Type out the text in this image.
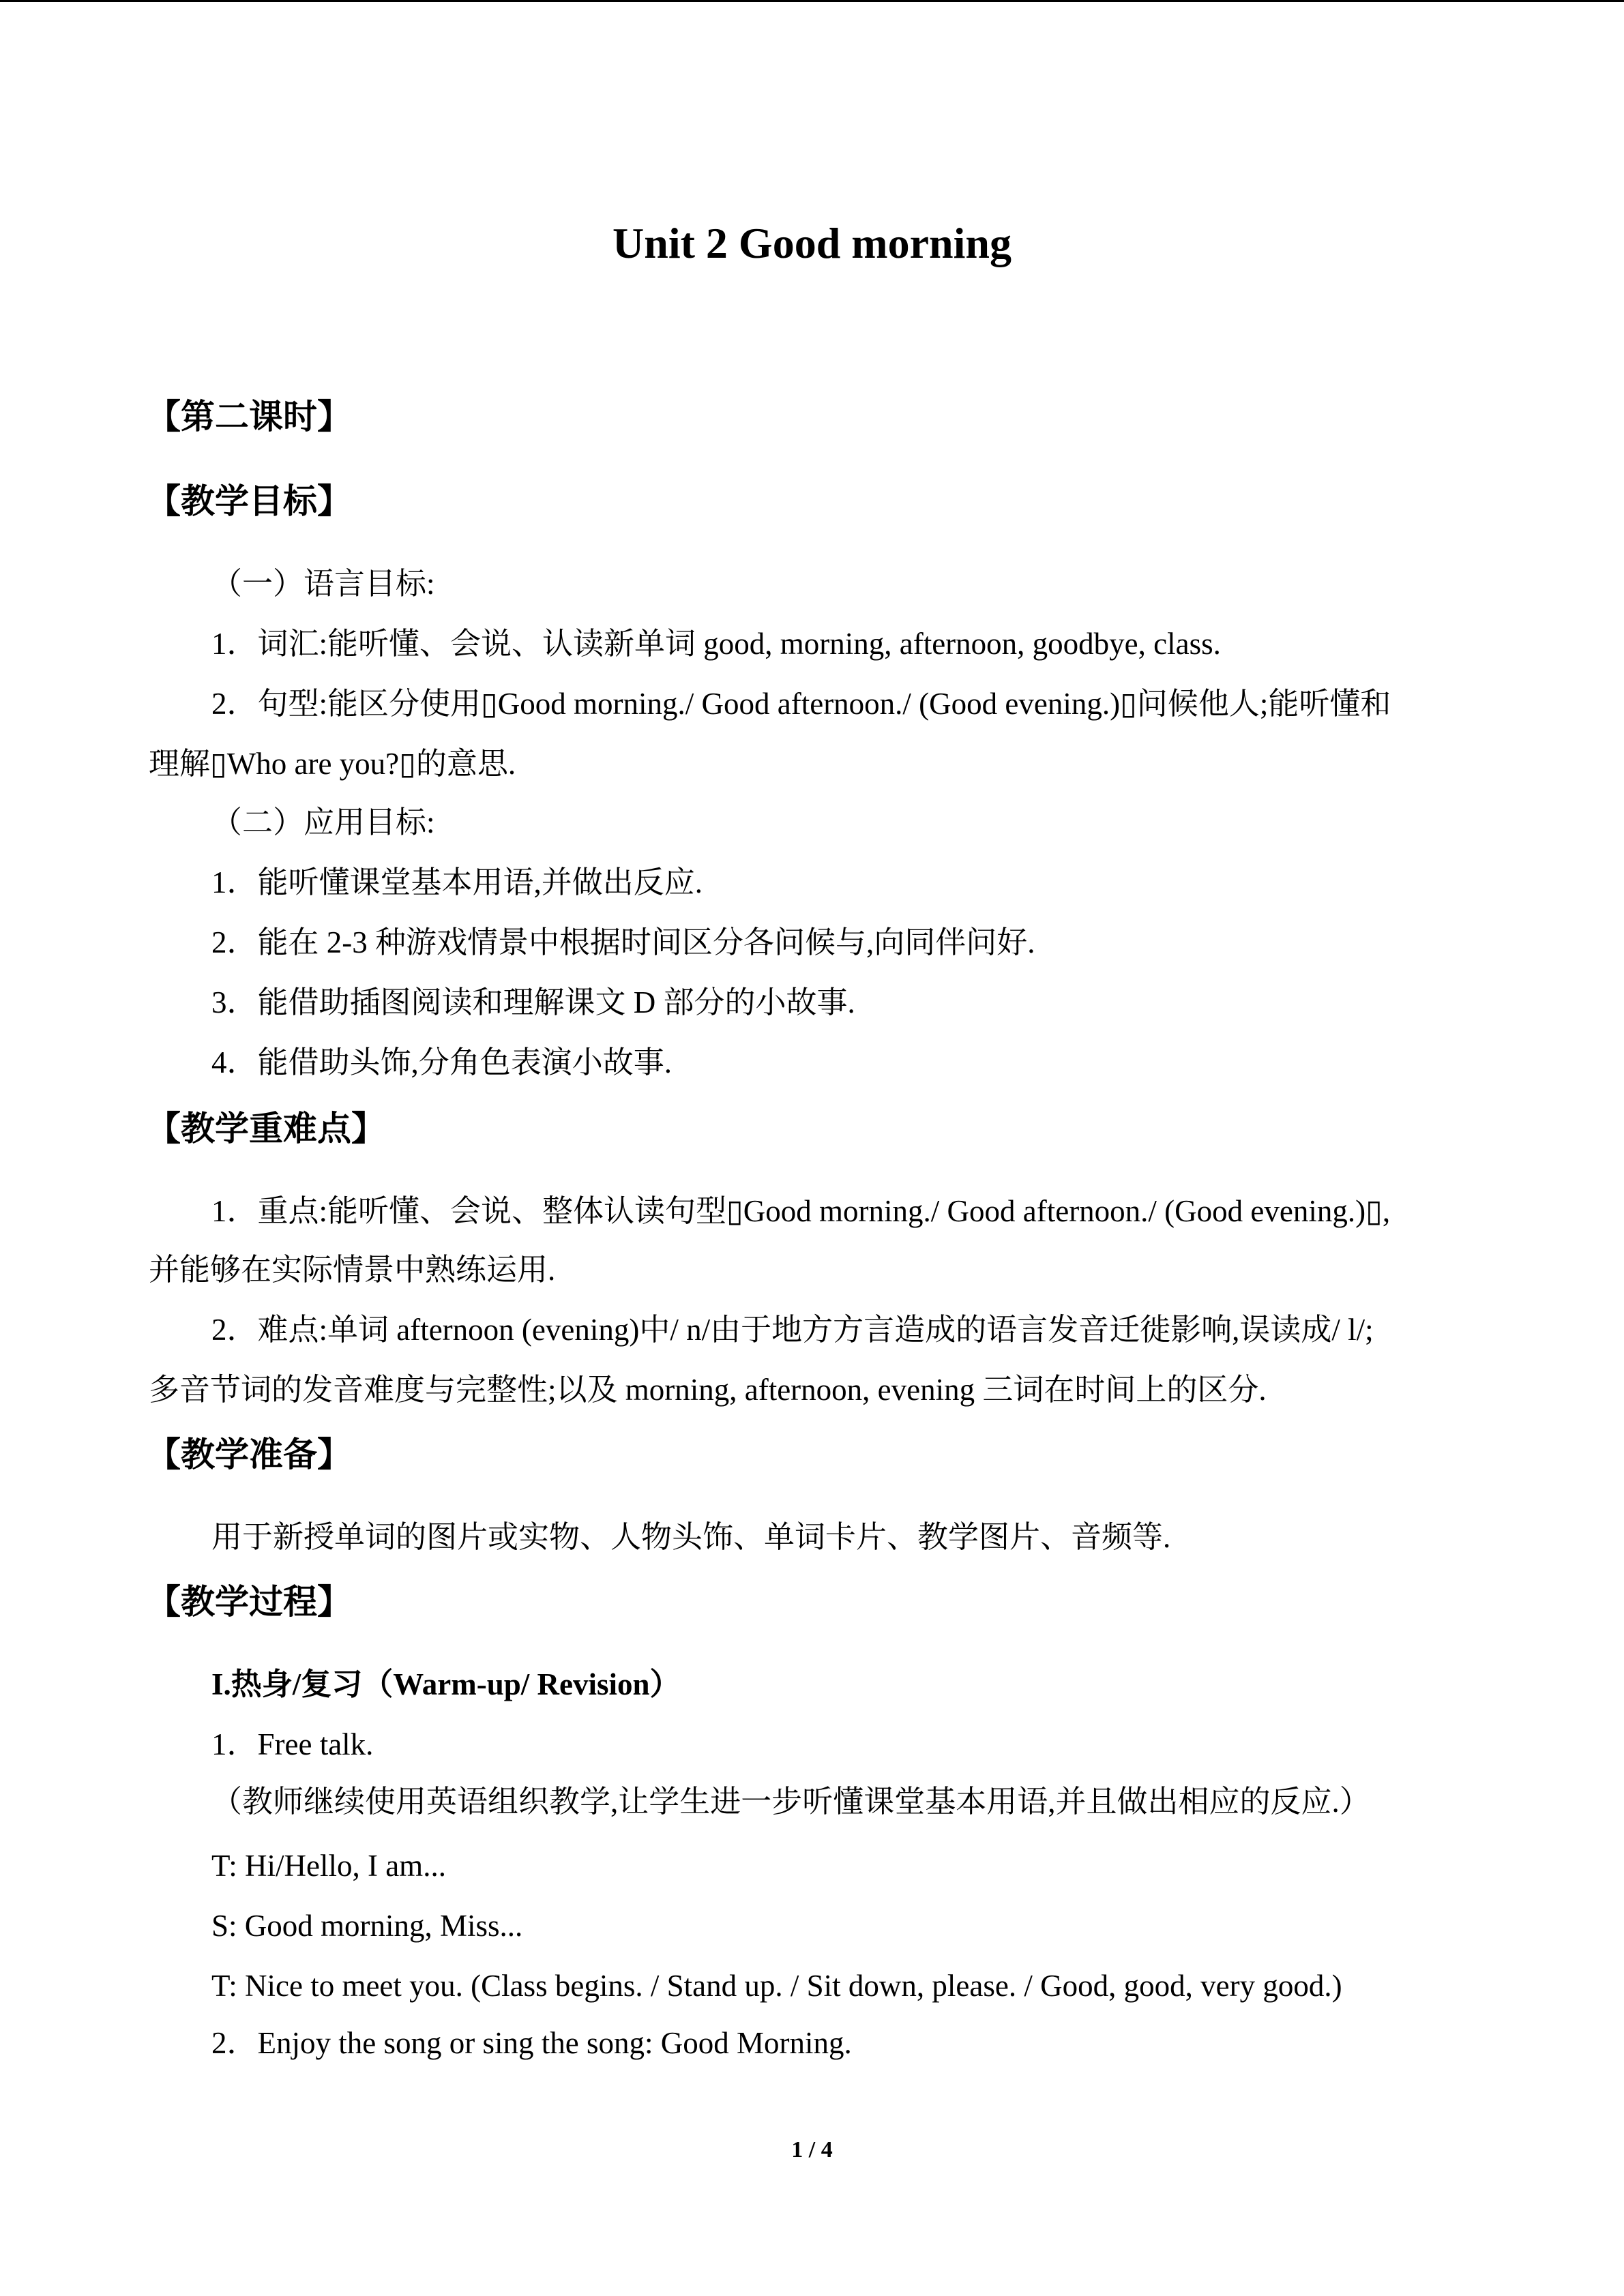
Unit 2 Good morning
【第二课时】
【教学目标】
（一）语言目标:
1．词汇:能听懂、会说、认读新单词 good, morning, afternoon, goodbye, class.
2．句型:能区分使用▯Good morning./ Good afternoon./ (Good evening.)▯问候他人;能听懂和
理解▯Who are you?▯的意思.
（二）应用目标:
1．能听懂课堂基本用语,并做出反应.
2．能在 2-3 种游戏情景中根据时间区分各问候与,向同伴问好.
3．能借助插图阅读和理解课文 D 部分的小故事.
4．能借助头饰,分角色表演小故事.
【教学重难点】
1．重点:能听懂、会说、整体认读句型▯Good morning./ Good afternoon./ (Good evening.)▯,
并能够在实际情景中熟练运用.
2．难点:单词 afternoon (evening)中/ n/由于地方方言造成的语言发音迁徙影响,误读成/ l/;
多音节词的发音难度与完整性;以及 morning, afternoon, evening 三词在时间上的区分.
【教学准备】
用于新授单词的图片或实物、人物头饰、单词卡片、教学图片、音频等.
【教学过程】
I.热身/复习（Warm-up/ Revision）
1．Free talk.
（教师继续使用英语组织教学,让学生进一步听懂课堂基本用语,并且做出相应的反应.）
T: Hi/Hello, I am...
S: Good morning, Miss...
T: Nice to meet you. (Class begins. / Stand up. / Sit down, please. / Good, good, very good.)
2．Enjoy the song or sing the song: Good Morning.
1 / 4
